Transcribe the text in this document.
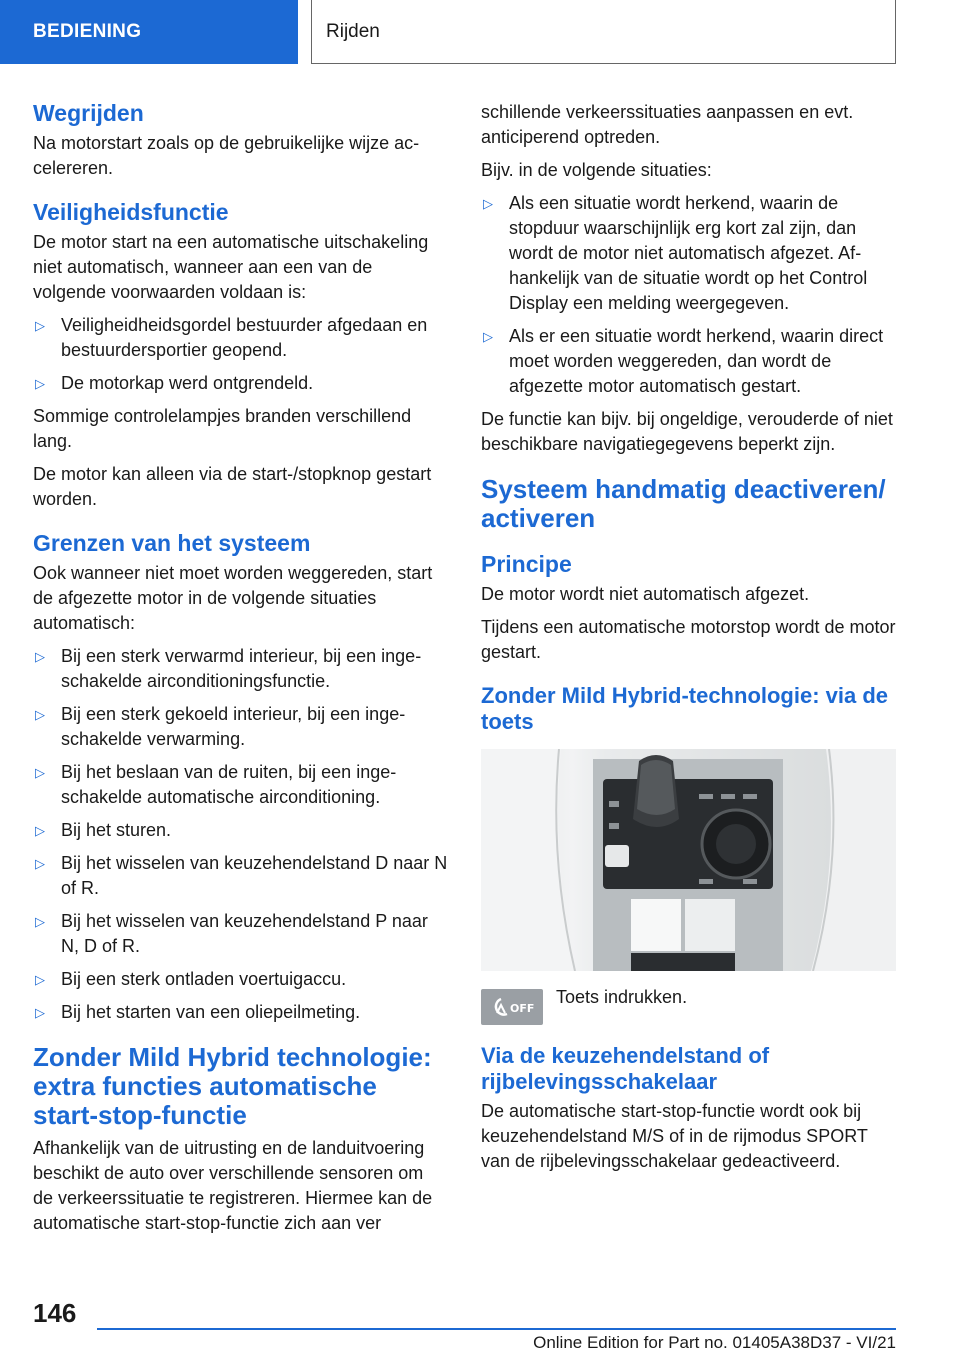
BEDIENING	Rijden
Wegrijden

Na motorstart zoals op de gebruikelijke wijze accelereren.

Veiligheidsfunctie

De motor start na een automatische uitschakeling niet automatisch, wanneer aan een van de volgende voorwaarden voldaan is:

▷ Veiligheidheidsgordel bestuurder afgedaan en bestuurdersportier geopend.
▷ De motorkap werd ontgrendeld.

Sommige controlelampjes branden verschillend lang.

De motor kan alleen via de start-/stopknop gestart worden.

Grenzen van het systeem

Ook wanneer niet moet worden weggereden, start de afgezette motor in de volgende situaties automatisch:

▷ Bij een sterk verwarmd interieur, bij een ingeschakelde airconditioningsfunctie.
▷ Bij een sterk gekoeld interieur, bij een ingeschakelde verwarming.
▷ Bij het beslaan van de ruiten, bij een ingeschakelde automatische airconditioning.
▷ Bij het sturen.
▷ Bij het wisselen van keuzehendelstand D naar N of R.
▷ Bij het wisselen van keuzehendelstand P naar N, D of R.
▷ Bij een sterk ontladen voertuigaccu.
▷ Bij het starten van een oliepeilmeting.
Zonder Mild Hybrid technologie: extra functies automatische start-stop-functie

Afhankelijk van de uitrusting en de landuitvoering beschikt de auto over verschillende sensoren om de verkeerssituatie te registreren. Hiermee kan de automatische start-stop-functie zich aan ver

schillende verkeerssituaties aanpassen en evt. anticiperend optreden.

Bijv. in de volgende situaties:

▷ Als een situatie wordt herkend, waarin de stopduur waarschijnlijk erg kort zal zijn, dan wordt de motor niet automatisch afgezet. Afhankelijk van de situatie wordt op het Control Display een melding weergegeven.
▷ Als er een situatie wordt herkend, waarin direct moet worden weggereden, dan wordt de afgezette motor automatisch gestart.

De functie kan bijv. bij ongeldige, verouderde of niet beschikbare navigatiegegevens beperkt zijn.

Systeem handmatig deactiveren/ activeren
Principe

De motor wordt niet automatisch afgezet.

Tijdens een automatische motorstop wordt de motor gestart.

Zonder Mild Hybrid-technologie: via de toets
OFF
Toets indrukken.
Via de keuzehendelstand of rijbelevingsschakelaar

De automatische start-stop-functie wordt ook bij keuzehendelstand M/S of in de rijmodus SPORT van de rijbelevingsschakelaar gedeactiveerd.

146
Online Edition for Part no. 01405A38D37 - VI/21
